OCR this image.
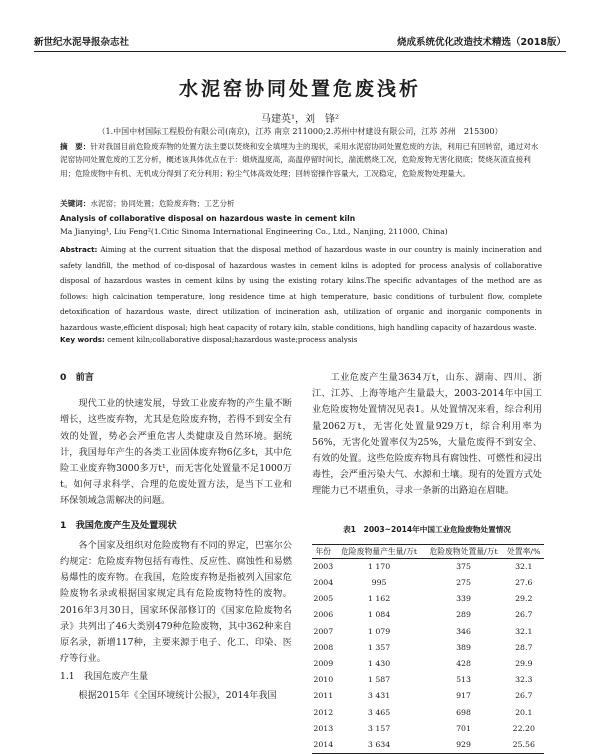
新世纪水泥导报杂志社	烧成系统优化改造技术精选（2018版）
水泥窑协同处置危废浅析
马建英¹，刘　锋²
（1.中国中材国际工程股份有限公司(南京)，江苏 南京 211000;2.苏州中材建设有限公司，江苏 苏州　215300）
摘　要：针对我国目前危险废弃物的处置方法主要以焚烧和安全填埋为主的现状，采用水泥窑协同处置危废的方法，利用已有回转窑，通过对水泥窑协同处置危废的工艺分析，概述该具体优点在于：煅烧温度高，高温停留时间长，湍流燃烧工况，危险废物无害化彻底；焚烧灰渣直接利用；危险废物中有机、无机成分得到了充分利用；粉尘气体高效处理；回转窑操作容量大，工况稳定，危险废物处理量大。
关键词：水泥窑；协同处置；危险废弃物；工艺分析
Analysis of collaborative disposal on hazardous waste in cement kiln
Ma Jianying¹, Liu Feng²(1.Citic Sinoma International Engineering Co., Ltd., Nanjing, 211000, China)
Abstract: Aiming at the current situation that the disposal method of hazardous waste in our country is mainly incineration and safety landfill, the method of co-disposal of hazardous wastes in cement kilns is adopted for process analysis of collaborative disposal of hazardous wastes in cement kilns by using the existing rotary kilns.The specific advantages of the method are as follows: high calcination temperature, long residence time at high temperature, basic conditions of turbulent flow, complete detoxification of hazardous waste, direct utilization of incineration ash, utilization of organic and inorganic components in hazardous waste,efficient disposal; high heat capacity of rotary kiln, stable conditions, high handling capacity of hazardous waste.
Key words: cement kiln;collaborative disposal;hazardous waste;process analysis
0　前言

现代工业的快速发展，导致工业废弃物的产生量不断增长，这些废弃物，尤其是危险废弃物，若得不到安全有效的处置，势必会严重危害人类健康及自然环境。据统计，我国每年产生的各类工业固体废弃物6亿多t，其中危险工业废弃物3000多万t¹，而无害化处置量不足1000万t。如何寻求科学、合理的危废处置方法，是当下工业和环保领域急需解决的问题。

1　我国危废产生及处置现状

各个国家及组织对危险废物有不同的界定，巴塞尔公约规定：危险废弃物包括有毒性、反应性、腐蚀性和易燃易爆性的废弃物。在我国，危险废弃物是指被列入国家危险废物名录或根据国家规定具有危险废物特性的废物。2016年3月30日，国家环保部修订的《国家危险废物名录》共列出了46大类别479种危险废物，其中362种来自原名录，新增117种，主要来源于电子、化工、印染、医疗等行业。

1.1　我国危废产生量

根据2015年《全国环境统计公报》，2014年我国

工业危废产生量3634万t，山东、湖南、四川、浙江、江苏、上海等地产生量最大，2003-2014年中国工业危险废物处置情况见表1。从处置情况来看，综合利用量2062万t，无害化处置量929万t，综合利用率为56%，无害化处置率仅为25%，大量危废得不到安全、有效的处置。这些危险废弃物具有腐蚀性、可燃性和浸出毒性，会严重污染大气、水源和土壤。现有的处置方式处理能力已不堪重负，寻求一条新的出路迫在眉睫。

表1　2003~2014年中国工业危险废物处置情况
年份	危险废物量产生量/万t	危险废物处置量/万t	处置率/%
2003	1 170	375	32.1
2004	995	275	27.6
2005	1 162	339	29.2
2006	1 084	289	26.7
2007	1 079	346	32.1
2008	1 357	389	28.7
2009	1 430	428	29.9
2010	1 587	513	32.3
2011	3 431	917	26.7
2012	3 465	698	20.1
2013	3 157	701	22.20
2014	3 634	929	25.56
